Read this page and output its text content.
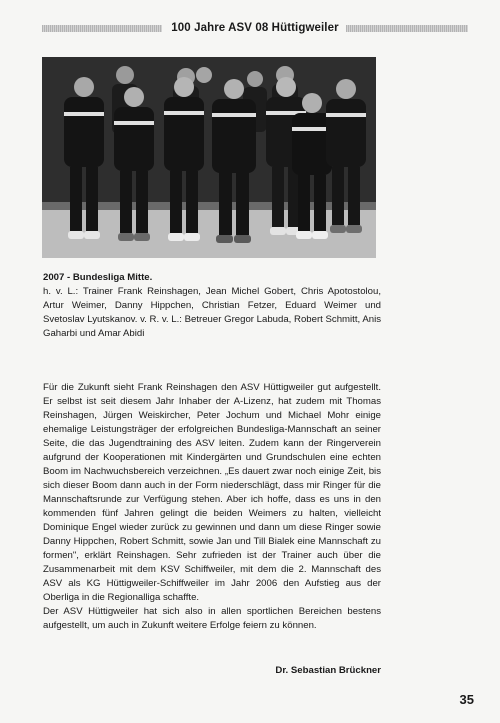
100 Jahre ASV 08 Hüttigweiler
2007 - Bundesliga Mitte.
h. v. L.: Trainer Frank Reinshagen, Jean Michel Gobert, Chris Apotostolou, Artur Weimer, Danny Hippchen, Christian Fetzer, Eduard Weimer und Svetoslav Lyutskanov. v. R. v. L.: Betreuer Gregor Labuda, Robert Schmitt, Anis Gaharbi und Amar Abidi

Für die Zukunft sieht Frank Reinshagen den ASV Hüttigweiler gut aufgestellt. Er selbst ist seit diesem Jahr Inhaber der A-Lizenz, hat zudem mit Thomas Reinshagen, Jürgen Weiskircher, Peter Jochum und Michael Mohr einige ehemalige Leistungsträger der erfolgreichen Bundesliga-Mannschaft an seiner Seite, die das Jugendtraining des ASV leiten. Zudem kann der Ringerverein aufgrund der Kooperationen mit Kindergärten und Grundschulen eine echten Boom im Nachwuchsbereich verzeichnen. „Es dauert zwar noch einige Zeit, bis sich dieser Boom dann auch in der Form niederschlägt, dass mir Ringer für die Mannschaftsrunde zur Verfügung stehen. Aber ich hoffe, dass es uns in den kommenden fünf Jahren gelingt die beiden Weimers zu halten, vielleicht Dominique Engel wieder zurück zu gewinnen und dann um diese Ringer sowie Danny Hippchen, Robert Schmitt, sowie Jan und Till Bialek eine Mannschaft zu formen", erklärt Reinshagen. Sehr zufrieden ist der Trainer auch über die Zusammenarbeit mit dem KSV Schiffweiler, mit dem die 2. Mannschaft des ASV als KG Hüttigweiler-Schiffweiler im Jahr 2006 den Aufstieg aus der Oberliga in die Regionalliga schaffte.

Der ASV Hüttigweiler hat sich also in allen sportlichen Bereichen bestens aufgestellt, um auch in Zukunft weitere Erfolge feiern zu können.

Dr. Sebastian Brückner
35
